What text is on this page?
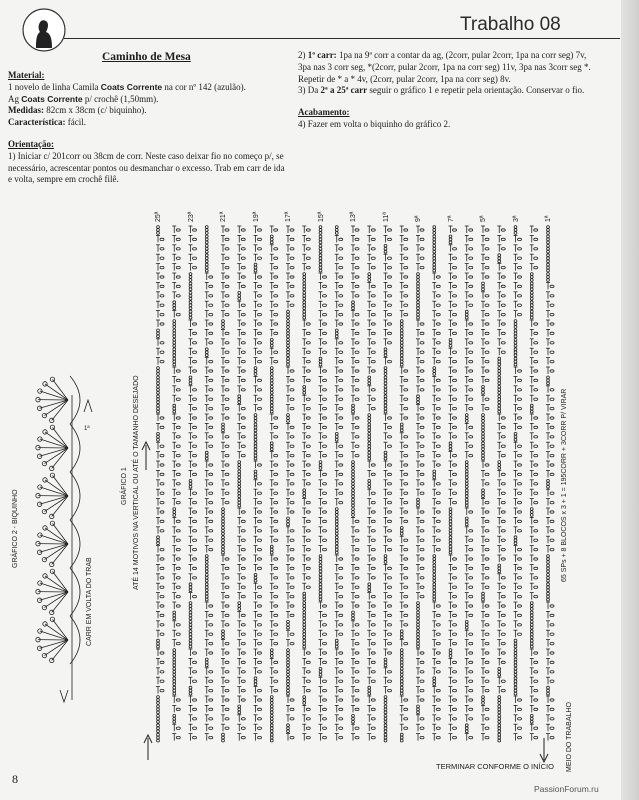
Trabalho 08
Caminho de Mesa
Material:

1 novelo de linha Camila Coats Corrente na cor nº 142 (azulão).

Ag Coats Corrente p/ crochê (1,50mm).

Medidas: 82cm x 38cm (c/ biquinho).

Característica: fácil.

Orientação:

1) Iniciar c/ 201corr ou 38cm de corr. Neste caso deixar fio no começo p/, se necessário, acrescentar pontos ou desmanchar o excesso. Trab em carr de ida e volta, sempre em crochê filê.

2) 1ª carr: 1pa na 9ª corr a contar da ag, (2corr, pular 2corr, 1pa na corr seg) 7v, 3pa nas 3 corr seg, *(2corr, pular 2corr, 1pa na corr seg) 11v, 3pa nas 3corr seg *. Repetir de * a * 4v, (2corr, pular 2corr, 1pa na corr seg) 8v.

3) Da 2ª a 25ª carr seguir o gráfico 1 e repetir pela orientação. Conservar o fio.

Acabamento:

4) Fazer em volta o biquinho do gráfico 2.

25ª	23ª	21ª	19ª	17ª	15ª	13ª	11ª	9ª	7ª	5ª	3ª	1ª
GRÁFICO 1 ATÉ 14 MOTIVOS NA VERTICAL OU ATÉ O TAMANHO DESEJADO	65 SPs + 8 BLOCOS x 3 + 1 = 195CORR + 3CORR P/ VIRAR
MEIO DO TRABALHO
GRÁFICO 2 - BIQUINHO
CARR EM VOLTA DO TRAB
1ª
TERMINAR CONFORME O INÍCIO
8
PassionForum.ru
